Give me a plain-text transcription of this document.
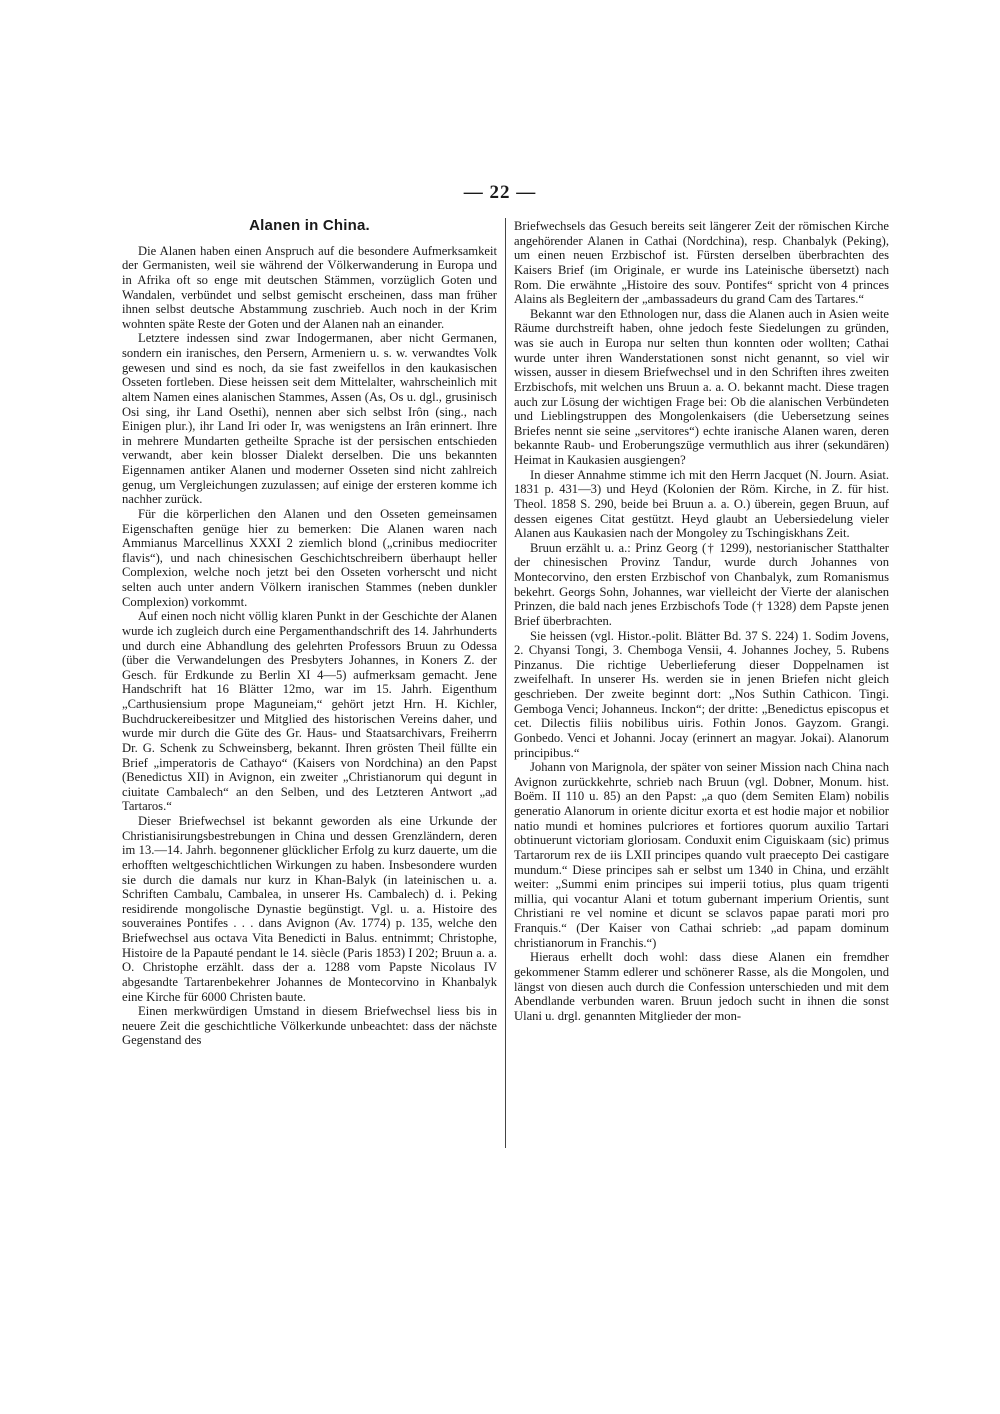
— 22 —
Alanen in China.

Die Alanen haben einen Anspruch auf die besondere Aufmerksamkeit der Germanisten, weil sie während der Völkerwanderung in Europa und in Afrika oft so enge mit deutschen Stämmen, vorzüglich Goten und Wandalen, verbündet und selbst gemischt erscheinen, dass man früher ihnen selbst deutsche Abstammung zuschrieb. Auch noch in der Krim wohnten späte Reste der Goten und der Alanen nah an einander.

Letztere indessen sind zwar Indogermanen, aber nicht Germanen, sondern ein iranisches, den Persern, Armeniern u. s. w. verwandtes Volk gewesen und sind es noch, da sie fast zweifellos in den kaukasischen Osseten fortleben. Diese heissen seit dem Mittelalter, wahrscheinlich mit altem Namen eines alanischen Stammes, Assen (As, Os u. dgl., grusinisch Osi sing, ihr Land Osethi), nennen aber sich selbst Irôn (sing., nach Einigen plur.), ihr Land Iri oder Ir, was wenigstens an Irân erinnert. Ihre in mehrere Mundarten getheilte Sprache ist der persischen entschieden verwandt, aber kein blosser Dialekt derselben. Die uns bekannten Eigennamen antiker Alanen und moderner Osseten sind nicht zahlreich genug, um Vergleichungen zuzulassen; auf einige der ersteren komme ich nachher zurück.

Für die körperlichen den Alanen und den Osseten gemeinsamen Eigenschaften genüge hier zu bemerken: Die Alanen waren nach Ammianus Marcellinus XXXI 2 ziemlich blond („crinibus mediocriter flavis“), und nach chinesischen Geschichtschreibern überhaupt heller Complexion, welche noch jetzt bei den Osseten vorherscht und nicht selten auch unter andern Völkern iranischen Stammes (neben dunkler Complexion) vorkommt.

Auf einen noch nicht völlig klaren Punkt in der Geschichte der Alanen wurde ich zugleich durch eine Pergamenthandschrift des 14. Jahrhunderts und durch eine Abhandlung des gelehrten Professors Bruun zu Odessa (über die Verwandelungen des Presbyters Johannes, in Koners Z. der Gesch. für Erdkunde zu Berlin XI 4—5) aufmerksam gemacht. Jene Handschrift hat 16 Blätter 12mo, war im 15. Jahrh. Eigenthum „Carthusiensium prope Maguneiam,“ gehört jetzt Hrn. H. Kichler, Buchdruckereibesitzer und Mitglied des historischen Vereins daher, und wurde mir durch die Güte des Gr. Haus- und Staatsarchivars, Freiherrn Dr. G. Schenk zu Schweinsberg, bekannt. Ihren grösten Theil füllte ein Brief „imperatoris de Cathayo“ (Kaisers von Nordchina) an den Papst (Benedictus XII) in Avignon, ein zweiter „Christianorum qui degunt in ciuitate Cambalech“ an den Selben, und des Letzteren Antwort „ad Tartaros.“

Dieser Briefwechsel ist bekannt geworden als eine Urkunde der Christianisirungsbestrebungen in China und dessen Grenzländern, deren im 13.—14. Jahrh. begonnener glücklicher Erfolg zu kurz dauerte, um die erhofften weltgeschichtlichen Wirkungen zu haben. Insbesondere wurden sie durch die damals nur kurz in Khan-Balyk (in lateinischen u. a. Schriften Cambalu, Cambalea, in unserer Hs. Cambalech) d. i. Peking residirende mongolische Dynastie begünstigt. Vgl. u. a. Histoire des souveraines Pontifes . . . dans Avignon (Av. 1774) p. 135, welche den Briefwechsel aus octava Vita Benedicti in Balus. entnimmt; Christophe, Histoire de la Papauté pendant le 14. siècle (Paris 1853) I 202; Bruun a. a. O. Christophe erzählt. dass der a. 1288 vom Papste Nicolaus IV abgesandte Tartarenbekehrer Johannes de Montecorvino in Khanbalyk eine Kirche für 6000 Christen baute.

Einen merkwürdigen Umstand in diesem Briefwechsel liess bis in neuere Zeit die geschichtliche Völkerkunde unbeachtet: dass der nächste Gegenstand des

Briefwechsels das Gesuch bereits seit längerer Zeit der römischen Kirche angehörender Alanen in Cathai (Nordchina), resp. Chanbalyk (Peking), um einen neuen Erzbischof ist. Fürsten derselben überbrachten des Kaisers Brief (im Originale, er wurde ins Lateinische übersetzt) nach Rom. Die erwähnte „Histoire des souv. Pontifes“ spricht von 4 princes Alains als Begleitern der „ambassadeurs du grand Cam des Tartares.“

Bekannt war den Ethnologen nur, dass die Alanen auch in Asien weite Räume durchstreift haben, ohne jedoch feste Siedelungen zu gründen, was sie auch in Europa nur selten thun konnten oder wollten; Cathai wurde unter ihren Wanderstationen sonst nicht genannt, so viel wir wissen, ausser in diesem Briefwechsel und in den Schriften ihres zweiten Erzbischofs, mit welchen uns Bruun a. a. O. bekannt macht. Diese tragen auch zur Lösung der wichtigen Frage bei: Ob die alanischen Verbündeten und Lieblingstruppen des Mongolenkaisers (die Uebersetzung seines Briefes nennt sie seine „servitores“) echte iranische Alanen waren, deren bekannte Raub- und Eroberungszüge vermuthlich aus ihrer (sekundären) Heimat in Kaukasien ausgiengen?

In dieser Annahme stimme ich mit den Herrn Jacquet (N. Journ. Asiat. 1831 p. 431—3) und Heyd (Kolonien der Röm. Kirche, in Z. für hist. Theol. 1858 S. 290, beide bei Bruun a. a. O.) überein, gegen Bruun, auf dessen eigenes Citat gestützt. Heyd glaubt an Uebersiedelung vieler Alanen aus Kaukasien nach der Mongoley zu Tschingiskhans Zeit.

Bruun erzählt u. a.: Prinz Georg († 1299), nestorianischer Statthalter der chinesischen Provinz Tandur, wurde durch Johannes von Montecorvino, den ersten Erzbischof von Chanbalyk, zum Romanismus bekehrt. Georgs Sohn, Johannes, war vielleicht der Vierte der alanischen Prinzen, die bald nach jenes Erzbischofs Tode († 1328) dem Papste jenen Brief überbrachten.

Sie heissen (vgl. Histor.-polit. Blätter Bd. 37 S. 224) 1. Sodim Jovens, 2. Chyansi Tongi, 3. Chemboga Vensii, 4. Johannes Jochey, 5. Rubens Pinzanus. Die richtige Ueberlieferung dieser Doppelnamen ist zweifelhaft. In unserer Hs. werden sie in jenen Briefen nicht gleich geschrieben. Der zweite beginnt dort: „Nos Suthin Cathicon. Tingi. Gemboga Venci; Johanneus. Inckon“; der dritte: „Benedictus episcopus et cet. Dilectis filiis nobilibus uiris. Fothin Jonos. Gayzom. Grangi. Gonbedo. Venci et Johanni. Jocay (erinnert an magyar. Jokai). Alanorum principibus.“

Johann von Marignola, der später von seiner Mission nach China nach Avignon zurückkehrte, schrieb nach Bruun (vgl. Dobner, Monum. hist. Boëm. II 110 u. 85) an den Papst: „a quo (dem Semiten Elam) nobilis generatio Alanorum in oriente dicitur exorta et est hodie major et nobilior natio mundi et homines pulcriores et fortiores quorum auxilio Tartari obtinuerunt victoriam gloriosam. Conduxit enim Ciguiskaam (sic) primus Tartarorum rex de iis LXII principes quando vult praecepto Dei castigare mundum.“ Diese principes sah er selbst um 1340 in China, und erzählt weiter: „Summi enim principes sui imperii totius, plus quam trigenti millia, qui vocantur Alani et totum gubernant imperium Orientis, sunt Christiani re vel nomine et dicunt se sclavos papae parati mori pro Franquis.“ (Der Kaiser von Cathai schrieb: „ad papam dominum christianorum in Franchis.“)

Hieraus erhellt doch wohl: dass diese Alanen ein fremdher gekommener Stamm edlerer und schönerer Rasse, als die Mongolen, und längst von diesen auch durch die Confession unterschieden und mit dem Abendlande verbunden waren. Bruun jedoch sucht in ihnen die sonst Ulani u. drgl. genannten Mitglieder der mon-
